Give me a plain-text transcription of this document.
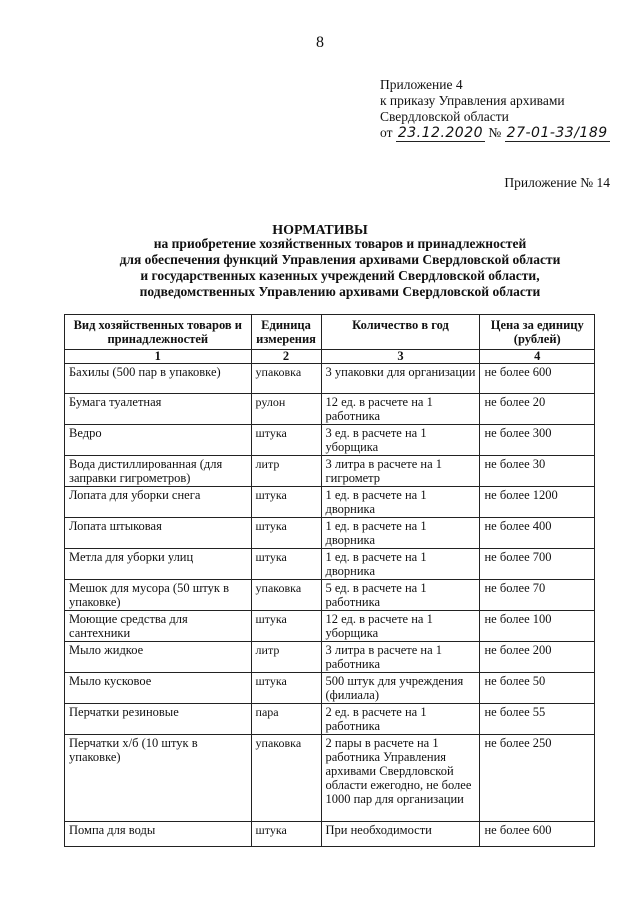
8
Приложение 4
к приказу Управления архивами
Свердловской области
от 23.12.2020 № 27-01-33/189
Приложение № 14
НОРМАТИВЫ
на приобретение хозяйственных товаров и принадлежностей
для обеспечения функций Управления архивами Свердловской области
и государственных казенных учреждений Свердловской области,
подведомственных Управлению архивами Свердловской области
Вид хозяйственных товаров и принадлежностей	Единица измерения	Количество в год	Цена за единицу (рублей)
1	2	3	4
Бахилы (500 пар в упаковке)	упаковка	3 упаковки для организации	не более 600
Бумага туалетная	рулон	12 ед. в расчете на 1 работника	не более 20
Ведро	штука	3 ед. в расчете на 1 уборщика	не более 300
Вода дистиллированная (для заправки гигрометров)	литр	3 литра в расчете на 1 гигрометр	не более 30
Лопата для уборки снега	штука	1 ед. в расчете на 1 дворника	не более 1200
Лопата штыковая	штука	1 ед. в расчете на 1 дворника	не более 400
Метла для уборки улиц	штука	1 ед. в расчете на 1 дворника	не более 700
Мешок для мусора (50 штук в упаковке)	упаковка	5 ед. в расчете на 1 работника	не более 70
Моющие средства для сантехники	штука	12 ед. в расчете на 1 уборщика	не более 100
Мыло жидкое	литр	3 литра в расчете на 1 работника	не более 200
Мыло кусковое	штука	500 штук для учреждения (филиала)	не более 50
Перчатки резиновые	пара	2 ед. в расчете на 1 работника	не более 55
Перчатки х/б (10 штук в упаковке)	упаковка	2 пары в расчете на 1 работника Управления архивами Свердловской области ежегодно, не более 1000 пар для организации	не более 250
Помпа для воды	штука	При необходимости	не более 600
